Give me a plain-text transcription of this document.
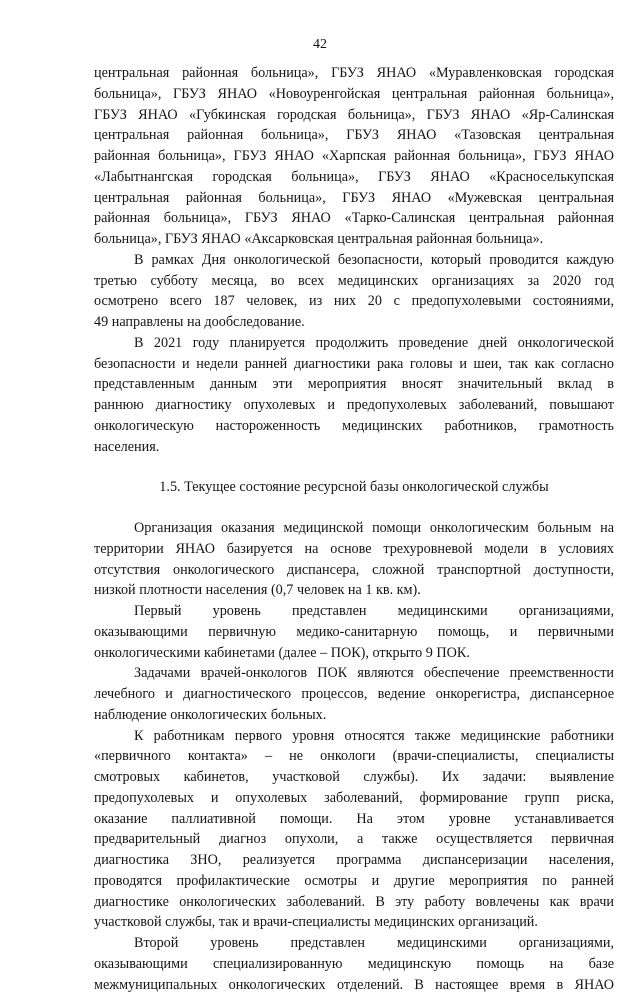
42
центральная районная больница», ГБУЗ ЯНАО «Муравленковская городская
больница», ГБУЗ ЯНАО «Новоуренгойская центральная районная больница»,
ГБУЗ ЯНАО «Губкинская городская больница», ГБУЗ ЯНАО «Яр-Салинская
центральная районная больница», ГБУЗ ЯНАО «Тазовская центральная
районная больница», ГБУЗ ЯНАО «Харпская районная больница», ГБУЗ ЯНАО
«Лабытнангская городская больница», ГБУЗ ЯНАО «Красноселькупская
центральная районная больница», ГБУЗ ЯНАО «Мужевская центральная
районная больница», ГБУЗ ЯНАО «Тарко-Салинская центральная районная
больница», ГБУЗ ЯНАО «Аксарковская центральная районная больница».
В рамках Дня онкологической безопасности, который проводится каждую
третью субботу месяца, во всех медицинских организациях за 2020 год
осмотрено всего 187 человек, из них 20 с предопухолевыми состояниями,
49 направлены на дообследование.
В 2021 году планируется продолжить проведение дней онкологической
безопасности и недели ранней диагностики рака головы и шеи, так как согласно
представленным данным эти мероприятия вносят значительный вклад в
раннюю диагностику опухолевых и предопухолевых заболеваний, повышают
онкологическую настороженность медицинских работников, грамотность
населения.
1.5. Текущее состояние ресурсной базы онкологической службы
Организация оказания медицинской помощи онкологическим больным на
территории ЯНАО базируется на основе трехуровневой модели в условиях
отсутствия онкологического диспансера, сложной транспортной доступности,
низкой плотности населения (0,7 человек на 1 кв. км).
Первый уровень представлен медицинскими организациями,
оказывающими первичную медико-санитарную помощь, и первичными
онкологическими кабинетами (далее – ПОК), открыто 9 ПОК.
Задачами врачей-онкологов ПОК являются обеспечение преемственности
лечебного и диагностического процессов, ведение онкорегистра, диспансерное
наблюдение онкологических больных.
К работникам первого уровня относятся также медицинские работники
«первичного контакта» – не онкологи (врачи-специалисты, специалисты
смотровых кабинетов, участковой службы). Их задачи: выявление
предопухолевых и опухолевых заболеваний, формирование групп риска,
оказание паллиативной помощи. На этом уровне устанавливается
предварительный диагноз опухоли, а также осуществляется первичная
диагностика ЗНО, реализуется программа диспансеризации населения,
проводятся профилактические осмотры и другие мероприятия по ранней
диагностике онкологических заболеваний. В эту работу вовлечены как врачи
участковой службы, так и врачи-специалисты медицинских организаций.
Второй уровень представлен медицинскими организациями,
оказывающими специализированную медицинскую помощь на базе
межмуниципальных онкологических отделений. В настоящее время в ЯНАО
